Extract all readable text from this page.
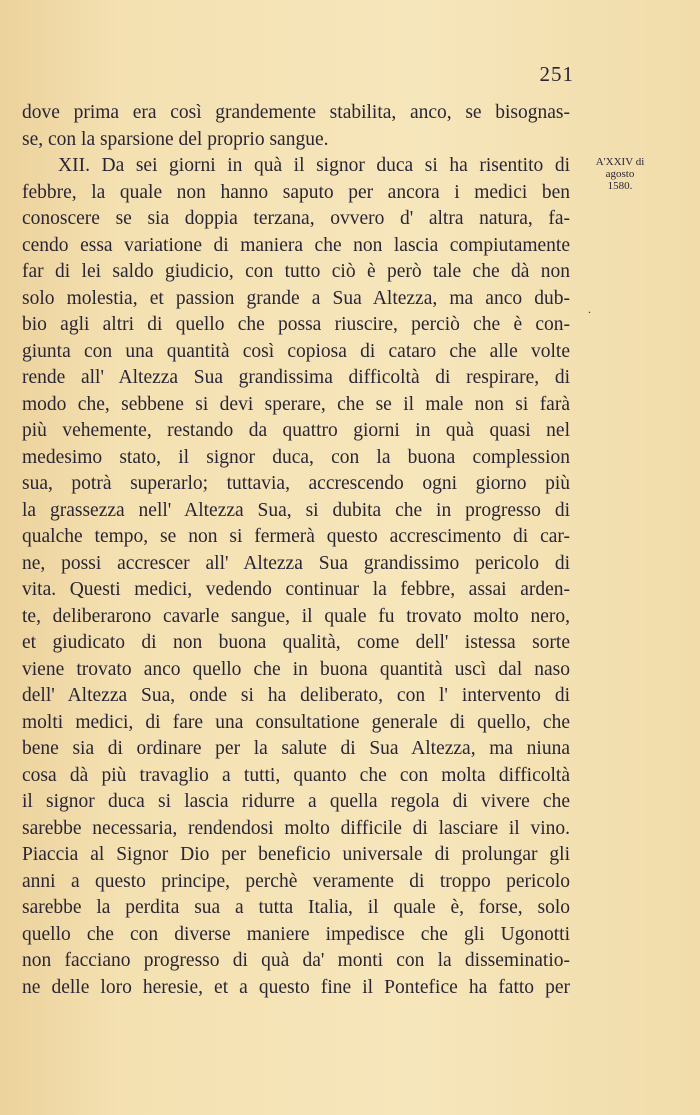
251
dove prima era così grandemente stabilita, anco, se bisognas-
se, con la sparsione del proprio sangue.
XII. Da sei giorni in quà il signor duca si ha risentito di
febbre, la quale non hanno saputo per ancora i medici ben
conoscere se sia doppia terzana, ovvero d' altra natura, fa-
cendo essa variatione di maniera che non lascia compiutamente
far di lei saldo giudicio, con tutto ciò è però tale che dà non
solo molestia, et passion grande a Sua Altezza, ma anco dub-
bio agli altri di quello che possa riuscire, perciò che è con-
giunta con una quantità così copiosa di cataro che alle volte
rende all' Altezza Sua grandissima difficoltà di respirare, di
modo che, sebbene si devi sperare, che se il male non si farà
più vehemente, restando da quattro giorni in quà quasi nel
medesimo stato, il signor duca, con la buona complession
sua, potrà superarlo; tuttavia, accrescendo ogni giorno più
la grassezza nell' Altezza Sua, si dubita che in progresso di
qualche tempo, se non si fermerà questo accrescimento di car-
ne, possi accrescer all' Altezza Sua grandissimo pericolo di
vita. Questi medici, vedendo continuar la febbre, assai arden-
te, deliberarono cavarle sangue, il quale fu trovato molto nero,
et giudicato di non buona qualità, come dell' istessa sorte
viene trovato anco quello che in buona quantità uscì dal naso
dell' Altezza Sua, onde si ha deliberato, con l' intervento di
molti medici, di fare una consultatione generale di quello, che
bene sia di ordinare per la salute di Sua Altezza, ma niuna
cosa dà più travaglio a tutti, quanto che con molta difficoltà
il signor duca si lascia ridurre a quella regola di vivere che
sarebbe necessaria, rendendosi molto difficile di lasciare il vino.
Piaccia al Signor Dio per beneficio universale di prolungar gli
anni a questo principe, perchè veramente di troppo pericolo
sarebbe la perdita sua a tutta Italia, il quale è, forse, solo
quello che con diverse maniere impedisce che gli Ugonotti
non facciano progresso di quà da' monti con la disseminatio-
ne delle loro heresie, et a questo fine il Pontefice ha fatto per
A'XXIV di
agosto
1580.
.
